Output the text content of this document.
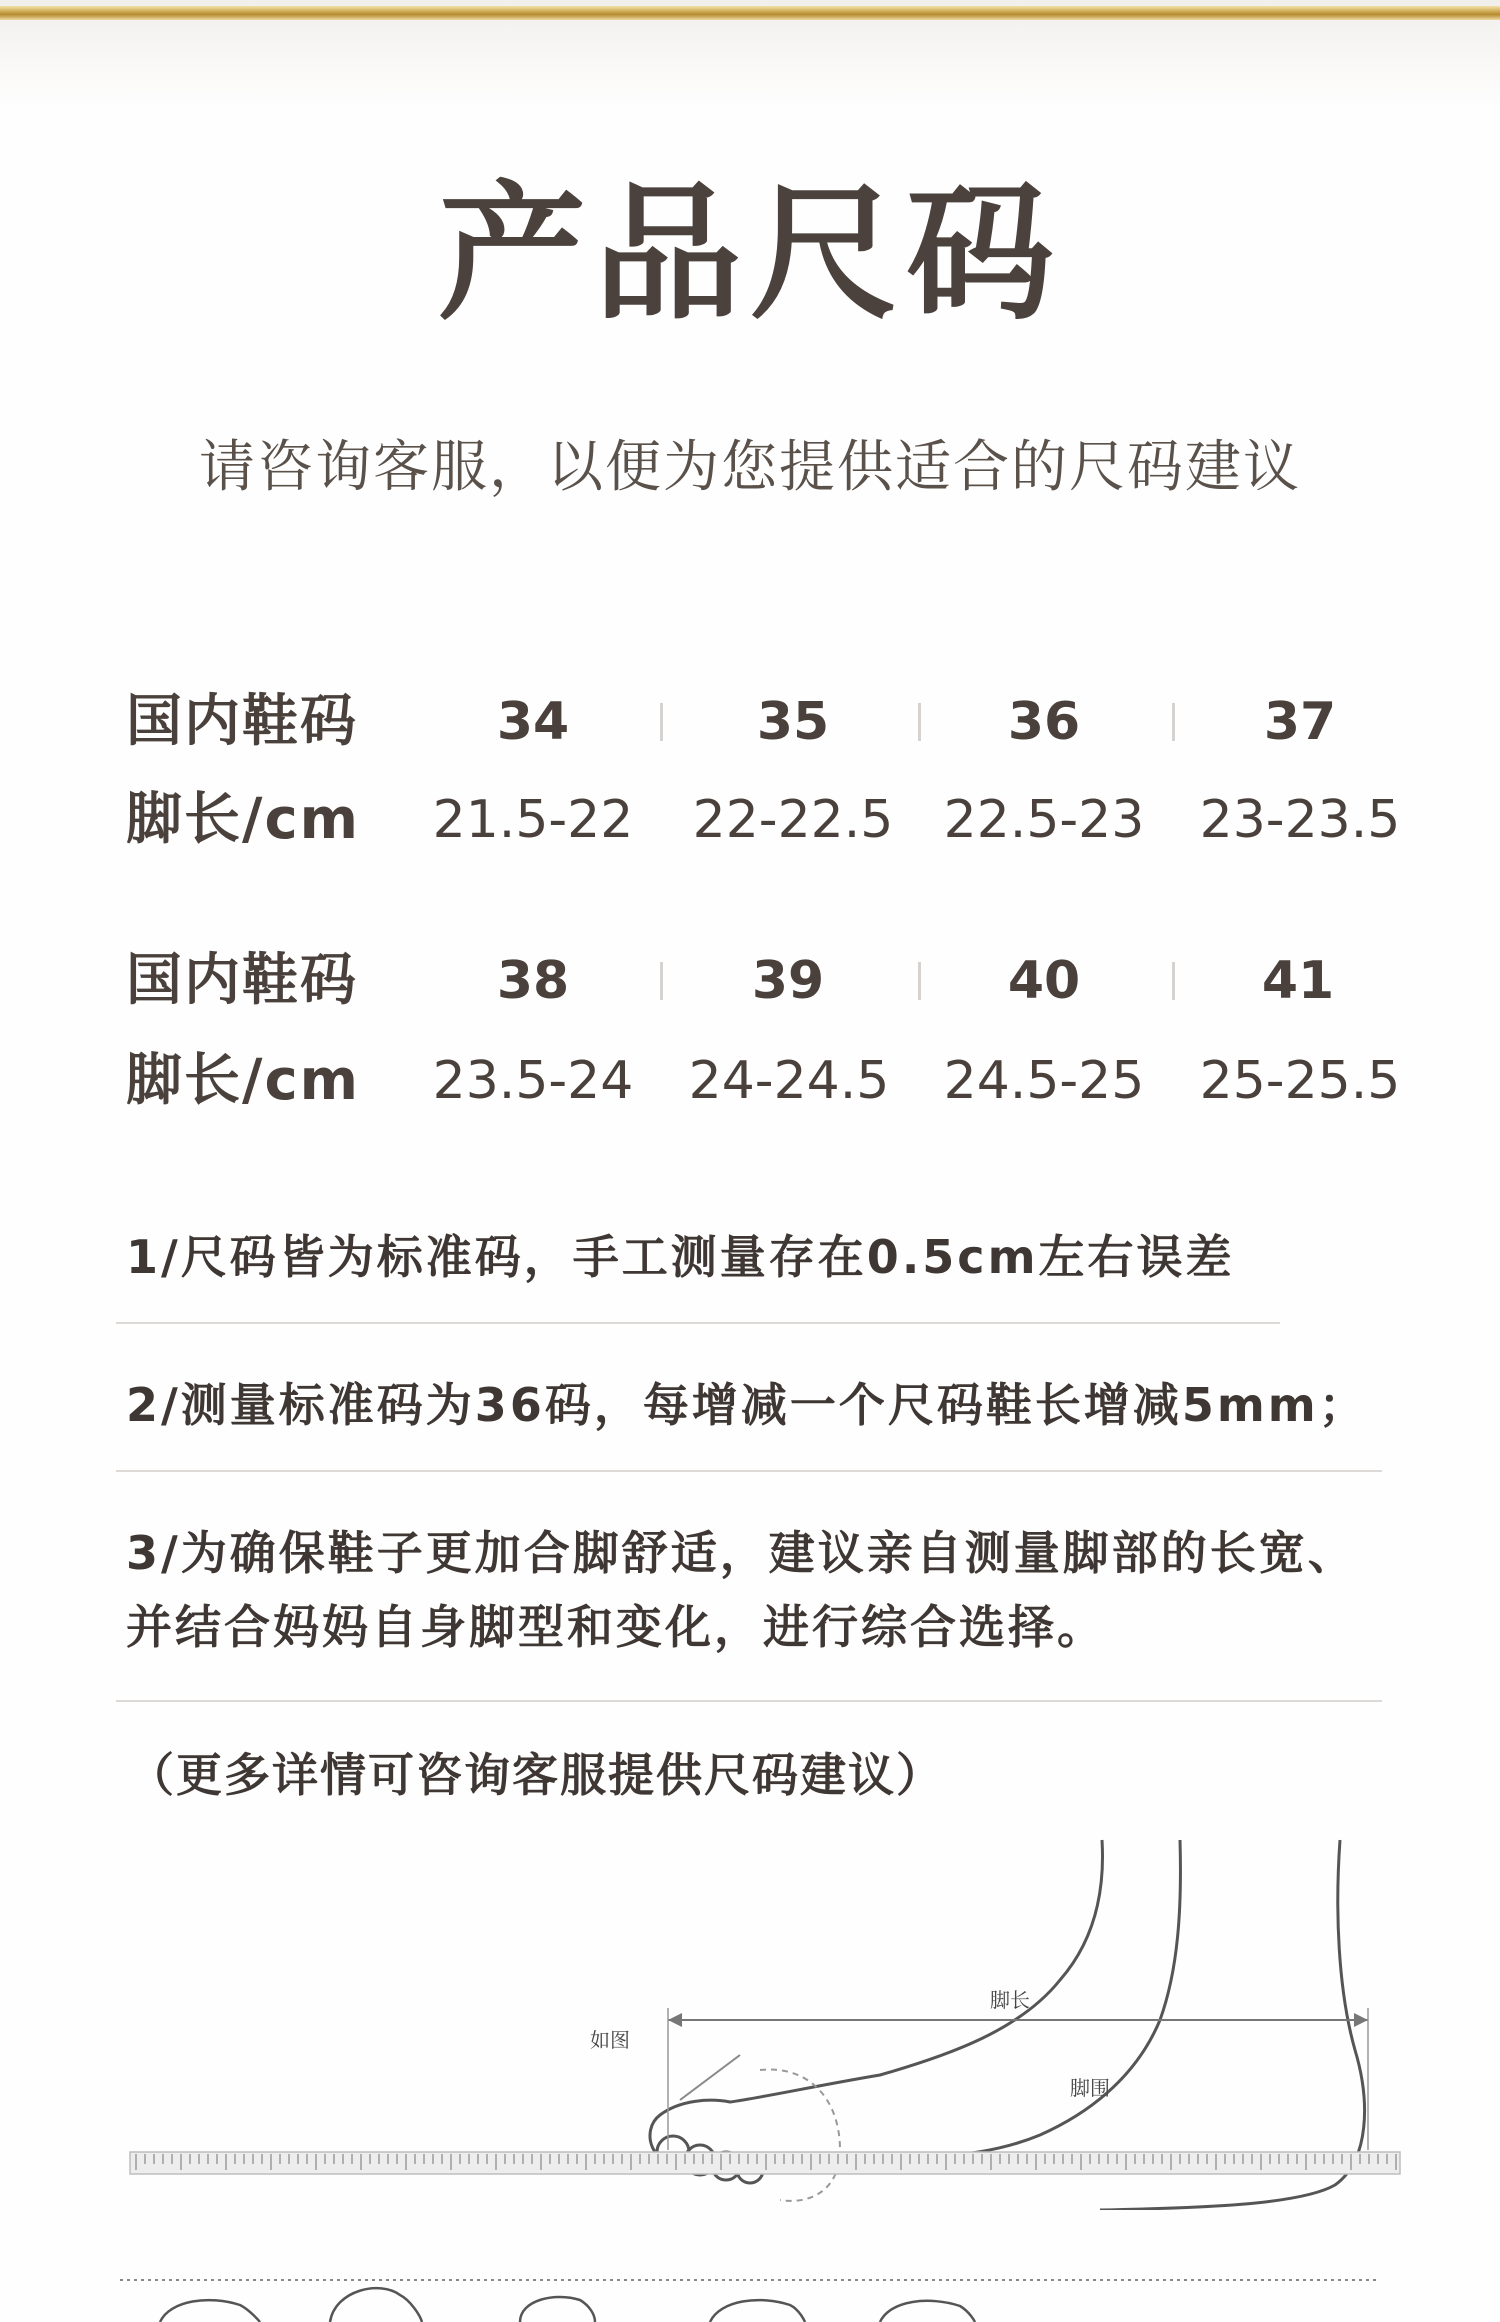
产品尺码
请咨询客服，以便为您提供适合的尺码建议
国内鞋码	34	35	36	37
脚长/cm 21.5-22 22-22.5 22.5-23 23-23.5
国内鞋码	38	39	40	41
脚长/cm 23.5-24 24-24.5 24.5-25 25-25.5
1/尺码皆为标准码，手工测量存在0.5cm左右误差
2/测量标准码为36码，每增减一个尺码鞋长增减5mm；
3/为确保鞋子更加合脚舒适，建议亲自测量脚部的长宽、
并结合妈妈自身脚型和变化，进行综合选择。
（更多详情可咨询客服提供尺码建议）
脚长
如图
脚围
